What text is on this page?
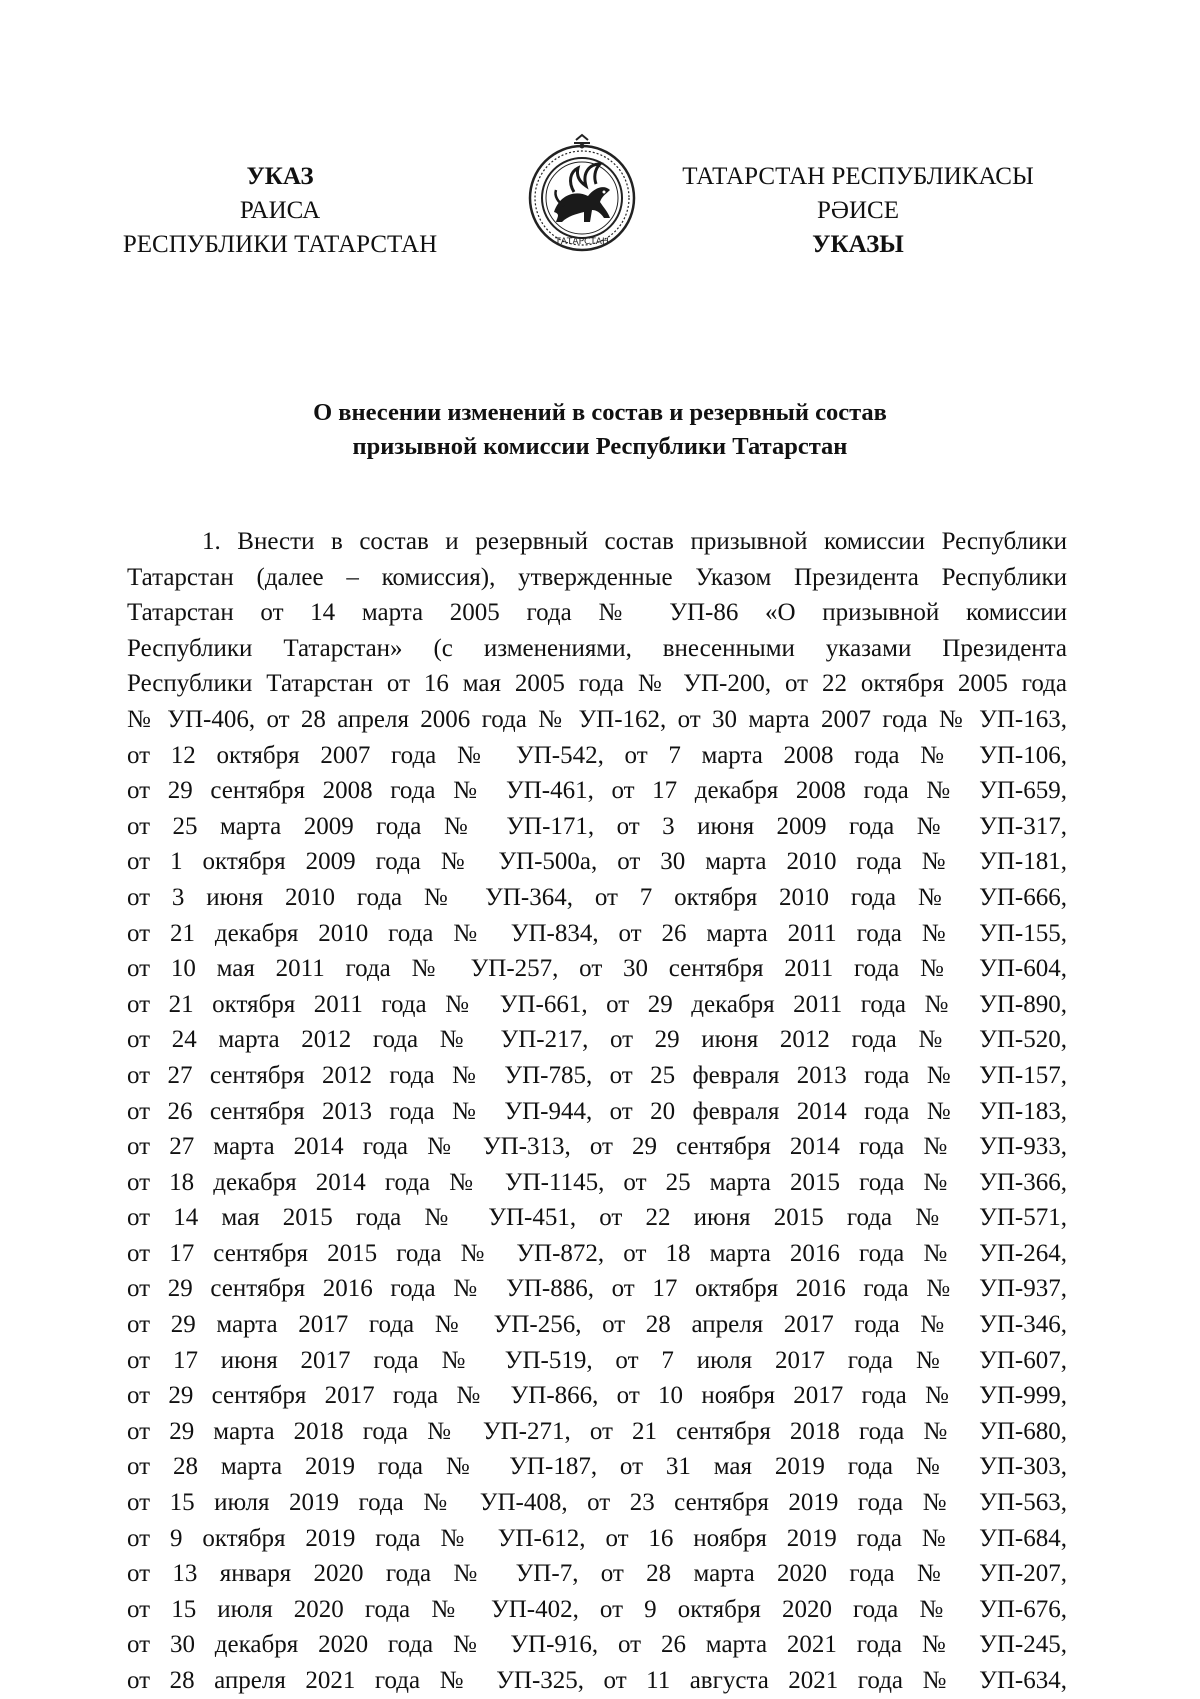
УКАЗ
РАИСА
РЕСПУБЛИКИ ТАТАРСТАН	ТАТАРСТАН
ТАТАРСТАН РЕСПУБЛИКАСЫ
РӘИСЕ
УКАЗЫ
О внесении изменений в состав и резервный состав
призывной комиссии Республики Татарстан
1. Внести в состав и резервный состав призывной комиссии Республики
Татарстан (далее – комиссия), утвержденные Указом Президента Республики
Татарстан от 14 марта 2005 года № УП-86 «О призывной комиссии
Республики Татарстан» (с изменениями, внесенными указами Президента
Республики Татарстан от 16 мая 2005 года № УП-200, от 22 октября 2005 года
№ УП-406, от 28 апреля 2006 года № УП-162, от 30 марта 2007 года № УП-163,
от 12 октября 2007 года № УП-542, от 7 марта 2008 года № УП-106,
от 29 сентября 2008 года № УП-461, от 17 декабря 2008 года № УП-659,
от 25 марта 2009 года № УП-171, от 3 июня 2009 года № УП-317,
от 1 октября 2009 года № УП-500а, от 30 марта 2010 года № УП-181,
от 3 июня 2010 года № УП-364, от 7 октября 2010 года № УП-666,
от 21 декабря 2010 года № УП-834, от 26 марта 2011 года № УП-155,
от 10 мая 2011 года № УП-257, от 30 сентября 2011 года № УП-604,
от 21 октября 2011 года № УП-661, от 29 декабря 2011 года № УП-890,
от 24 марта 2012 года № УП-217, от 29 июня 2012 года № УП-520,
от 27 сентября 2012 года № УП-785, от 25 февраля 2013 года № УП-157,
от 26 сентября 2013 года № УП-944, от 20 февраля 2014 года № УП-183,
от 27 марта 2014 года № УП-313, от 29 сентября 2014 года № УП-933,
от 18 декабря 2014 года № УП-1145, от 25 марта 2015 года № УП-366,
от 14 мая 2015 года № УП-451, от 22 июня 2015 года № УП-571,
от 17 сентября 2015 года № УП-872, от 18 марта 2016 года № УП-264,
от 29 сентября 2016 года № УП-886, от 17 октября 2016 года № УП-937,
от 29 марта 2017 года № УП-256, от 28 апреля 2017 года № УП-346,
от 17 июня 2017 года № УП-519, от 7 июля 2017 года № УП-607,
от 29 сентября 2017 года № УП-866, от 10 ноября 2017 года № УП-999,
от 29 марта 2018 года № УП-271, от 21 сентября 2018 года № УП-680,
от 28 марта 2019 года № УП-187, от 31 мая 2019 года № УП-303,
от 15 июля 2019 года № УП-408, от 23 сентября 2019 года № УП-563,
от 9 октября 2019 года № УП-612, от 16 ноября 2019 года № УП-684,
от 13 января 2020 года № УП-7, от 28 марта 2020 года № УП-207,
от 15 июля 2020 года № УП-402, от 9 октября 2020 года № УП-676,
от 30 декабря 2020 года № УП-916, от 26 марта 2021 года № УП-245,
от 28 апреля 2021 года № УП-325, от 11 августа 2021 года № УП-634,
